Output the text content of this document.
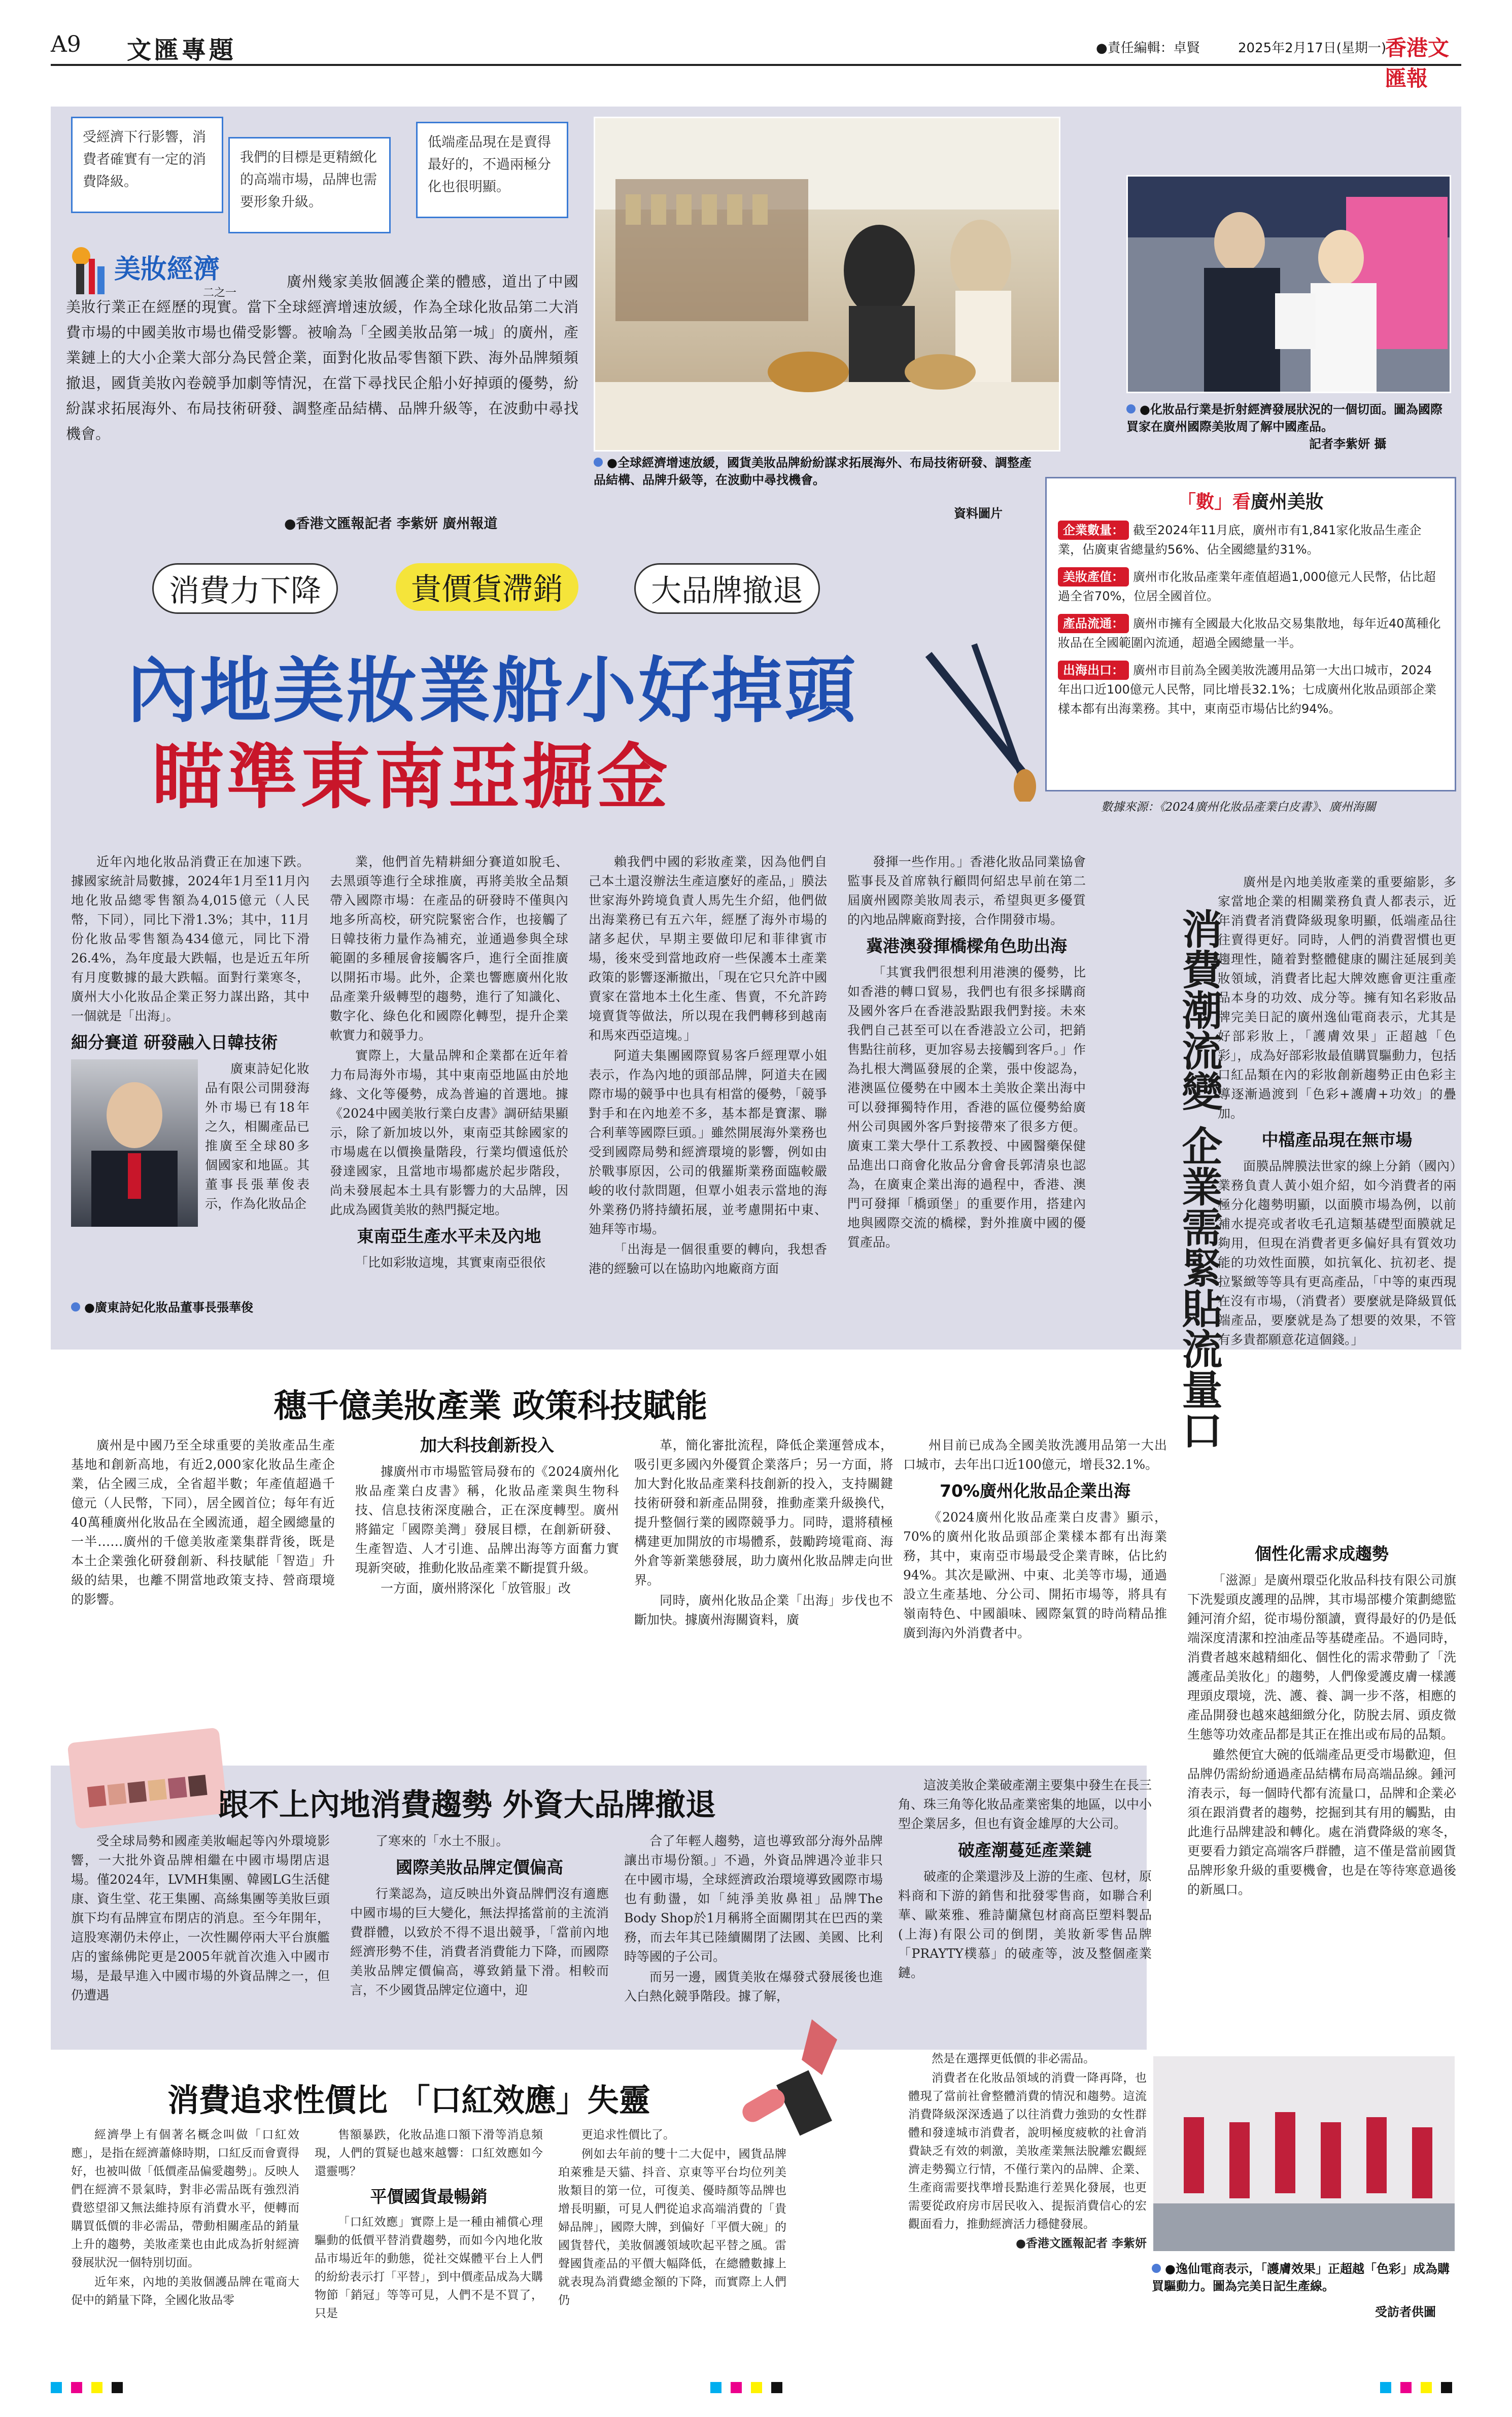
A9 文匯專題	●責任編輯：卓賢	2025年2月17日(星期一)
香港文匯報
受經濟下行影響，消費者確實有一定的消費降級。
我們的目標是更精緻化的高端市場，品牌也需要形象升級。
低端產品現在是賣得最好的，不過兩極分化也很明顯。
美妝經濟
二之一
廣州幾家美妝個護企業的體感，道出了中國美妝行業正在經歷的現實。當下全球經濟增速放緩，作為全球化妝品第二大消費市場的中國美妝市場也備受影響。被喻為「全國美妝品第一城」的廣州，產業鏈上的大小企業大部分為民營企業，面對化妝品零售額下跌、海外品牌頻頻撤退，國貨美妝內卷競爭加劇等情況，在當下尋找民企船小好掉頭的優勢，紛紛謀求拓展海外、布局技術研發、調整產品結構、品牌升級等，在波動中尋找機會。
●香港文匯報記者 李紫妍 廣州報道
●全球經濟增速放緩，國貨美妝品牌紛紛謀求拓展海外、布局技術研發、調整產品結構、品牌升級等，在波動中尋找機會。
資料圖片
●化妝品行業是折射經濟發展狀況的一個切面。圖為國際買家在廣州國際美妝周了解中國產品。
記者李紫妍 攝
「數」看廣州美妝
企業數量： 截至2024年11月底，廣州市有1,841家化妝品生產企業，佔廣東省總量約56%、佔全國總量約31%。
美妝產值： 廣州市化妝品產業年產值超過1,000億元人民幣，佔比超過全省70%，位居全國首位。
產品流通： 廣州市擁有全國最大化妝品交易集散地，每年近40萬種化妝品在全國範圍內流通，超過全國總量一半。
出海出口： 廣州市目前為全國美妝洗護用品第一大出口城市，2024年出口近100億元人民幣，同比增長32.1%；七成廣州化妝品頭部企業樣本都有出海業務。其中，東南亞市場佔比約94%。
數據來源：《2024廣州化妝品產業白皮書》、廣州海關
消費力下降	貴價貨滯銷	大品牌撤退
內地美妝業船小好掉頭
瞄準東南亞掘金

近年內地化妝品消費正在加速下跌。據國家統計局數據，2024年1月至11月內地化妝品總零售額為4,015億元（人民幣，下同），同比下滑1.3%；其中，11月份化妝品零售額為434億元，同比下滑26.4%，為年度最大跌幅，也是近五年所有月度數據的最大跌幅。面對行業寒冬，廣州大小化妝品企業正努力謀出路，其中一個就是「出海」。

細分賽道 研發融入日韓技術

廣東詩妃化妝品有限公司開發海外市場已有18年之久，相關產品已推廣至全球80多個國家和地區。其董事長張華俊表示，作為化妝品企

●廣東詩妃化妝品董事長張華俊

業，他們首先精耕細分賽道如脫毛、去黑頭等進行全球推廣，再將美妝全品類帶入國際市場：在產品的研發時不僅與內地多所高校，研究院緊密合作，也接觸了日韓技術力量作為補充，並通過參與全球範圍的多種展會接觸客戶，進行全面推廣以開拓市場。此外，企業也響應廣州化妝品產業升級轉型的趨勢，進行了知識化、數字化、綠色化和國際化轉型，提升企業軟實力和競爭力。

實際上，大量品牌和企業都在近年着力布局海外市場，其中東南亞地區由於地緣、文化等優勢，成為普遍的首選地。據《2024中國美妝行業白皮書》調研結果顯示，除了新加坡以外，東南亞其餘國家的市場處在以價換量階段，行業均價遠低於發達國家，且當地市場都處於起步階段，尚未發展起本土具有影響力的大品牌，因此成為國貨美妝的熱門擬定地。

東南亞生產水平未及內地

「比如彩妝這塊，其實東南亞很依

賴我們中國的彩妝產業，因為他們自己本土還沒辦法生產這麼好的產品，」膜法世家海外跨境負責人馬先生介紹，他們做出海業務已有五六年，經歷了海外市場的諸多起伏，早期主要做印尼和菲律賓市場，後來受到當地政府一些保護本土產業政策的影響逐漸撤出，「現在它只允許中國賣家在當地本土化生產、售賣，不允許跨境賣貨等做法，所以現在我們轉移到越南和馬來西亞這塊。」

阿道夫集團國際貿易客戶經理覃小姐表示，作為內地的頭部品牌，阿道夫在國際市場的競爭中也具有相當的優勢，「競爭對手和在內地差不多，基本都是寶潔、聯合利華等國際巨頭。」雖然開展海外業務也受到國際局勢和經濟環境的影響，例如由於戰事原因，公司的俄羅斯業務面臨較嚴峻的收付款問題，但覃小姐表示當地的海外業務仍將持續拓展，並考慮開拓中東、廸拜等市場。

「出海是一個很重要的轉向，我想香港的經驗可以在協助內地廠商方面

發揮一些作用。」香港化妝品同業協會監事長及首席執行顧問何紹忠早前在第二屆廣州國際美妝周表示，希望與更多優質的內地品牌廠商對接，合作開發市場。

冀港澳發揮橋樑角色助出海

「其實我們很想利用港澳的優勢，比如香港的轉口貿易，我們也有很多採購商及國外客戶在香港設點跟我們對接。未來我們自己甚至可以在香港設立公司，把銷售點往前移，更加容易去接觸到客戶。」作為扎根大灣區發展的企業，張中俊認為，港澳區位優勢在中國本土美妝企業出海中可以發揮獨特作用，香港的區位優勢給廣州公司與國外客戶對接帶來了很多方便。廣東工業大學什工系教授、中國醫藥保健品進出口商會化妝品分會會長郭清泉也認為，在廣東企業出海的過程中，香港、澳門可發揮「橋頭堡」的重要作用，搭建內地與國際交流的橋樑，對外推廣中國的優質產品。	消費潮流變 企業需緊貼流量口

廣州是內地美妝產業的重要縮影，多家當地企業的相關業務負責人都表示，近年消費者消費降級現象明顯，低端產品往往賣得更好。同時，人們的消費習慣也更趨理性，隨着對整體健康的關注延展到美妝領域，消費者比起大牌效應會更注重產品本身的功效、成分等。擁有知名彩妝品牌完美日記的廣州逸仙電商表示，尤其是好部彩妝上，「護膚效果」正超越「色彩」，成為好部彩妝最值購買驅動力，包括口紅品類在內的彩妝創新趨勢正由色彩主導逐漸過渡到「色彩+護膚+功效」的疊加。

中檔產品現在無市場

面膜品牌膜法世家的線上分銷（國內）業務負責人黃小姐介紹，如今消費者的兩極分化趨勢明顯，以面膜市場為例，以前補水提亮或者收毛孔這類基礎型面膜就足夠用，但現在消費者更多偏好具有質效功能的功效性面膜，如抗氧化、抗初老、提拉緊緻等等具有更高產品，「中等的東西現在沒有市場，（消費者）要麼就是降級買低端產品，要麼就是為了想要的效果，不管有多貴都願意花這個錢。」

個性化需求成趨勢

「滋源」是廣州環亞化妝品科技有限公司旗下洗髮頭皮護理的品牌，其市場部樓介策劃總監鍾河淯介紹，從市場份額讀，賣得最好的仍是低端深度清潔和控油產品等基礎產品。不過同時，消費者越來越精細化、個性化的需求帶動了「洗護產品美妝化」的趨勢，人們像愛護皮膚一樣護理頭皮環境，洗、護、養、調一步不落，相應的產品開發也越來越細緻分化，防脫去屑、頭皮微生態等功效產品都是其正在推出或布局的品類。

雖然便宜大碗的低端產品更受市場歡迎，但品牌仍需紛紛通過產品結構布局高端品線。鍾河淯表示，每一個時代都有流量口，品牌和企業必須在跟消費者的趨勢，挖掘到其有用的觸點，由此進行品牌建設和轉化。處在消費降級的寒冬，更要看力鎖定高端客戶群體，這不僅是當前國貨品牌形象升級的重要機會，也是在等待寒意過後的新風口。

穗千億美妝產業 政策科技賦能

廣州是中國乃至全球重要的美妝產品生產基地和創新高地，有近2,000家化妝品生產企業，佔全國三成，全省超半數；年產值超過千億元（人民幣，下同），居全國首位；每年有近40萬種廣州化妝品在全國流通，超全國總量的一半……廣州的千億美妝產業集群背後，既是本土企業強化研發創新、科技賦能「智造」升級的結果，也離不開當地政策支持、營商環境的影響。

加大科技創新投入

據廣州市市場監管局發布的《2024廣州化妝品產業白皮書》稱，化妝品產業與生物科技、信息技術深度融合，正在深度轉型。廣州將錨定「國際美灣」發展目標，在創新研發、生產智造、人才引進、品牌出海等方面奮力實現新突破，推動化妝品產業不斷提質升級。

一方面，廣州將深化「放管服」改

革，簡化審批流程，降低企業運營成本，吸引更多國內外優質企業落戶；另一方面，將加大對化妝品產業科技創新的投入，支持關鍵技術研發和新產品開發，推動產業升級換代，提升整個行業的國際競爭力。同時，還將積極構建更加開放的市場體系，鼓勵跨境電商、海外倉等新業態發展，助力廣州化妝品牌走向世界。

同時，廣州化妝品企業「出海」步伐也不斷加快。據廣州海關資料，廣

州目前已成為全國美妝洗護用品第一大出口城市，去年出口近100億元，增長32.1%。

70%廣州化妝品企業出海

《2024廣州化妝品產業白皮書》顯示，70%的廣州化妝品頭部企業樣本都有出海業務，其中，東南亞市場最受企業青睞，佔比約94%。其次是歐洲、中東、北美等市場，通過設立生產基地、分公司、開拓市場等，將具有嶺南特色、中國韻味、國際氣質的時尚精品推廣到海內外消費者中。

跟不上內地消費趨勢 外資大品牌撤退

受全球局勢和國產美妝崛起等內外環境影響，一大批外資品牌相繼在中國市場閉店退場。僅2024年，LVMH集團、韓國LG生活健康、資生堂、花王集團、高絲集團等美妝巨頭旗下均有品牌宣布閉店的消息。至今年開年，這股寒潮仍未停止，一次性關停兩大平台旗艦店的蜜絲佛陀更是2005年就首次進入中國市場，是最早進入中國市場的外資品牌之一，但仍遭遇

了寒來的「水土不服」。

國際美妝品牌定價偏高

行業認為，這反映出外資品牌們沒有適應中國市場的巨大變化，無法捍搖當前的主流消費群體，以致於不得不退出競爭，「當前內地經濟形勢不佳，消費者消費能力下降，而國際美妝品牌定價偏高，導致銷量下滑。相較而言，不少國貨品牌定位適中，迎

合了年輕人趨勢，這也導致部分海外品牌讓出市場份額。」不過，外資品牌遇冷並非只在中國市場，全球經濟政治環境導致國際市場也有動盪，如「純淨美妝鼻祖」品牌The Body Shop於1月稱將全面關閉其在巴西的業務，而去年其已陸續關閉了法國、美國、比利時等國的子公司。

而另一邊，國貨美妝在爆發式發展後也進入白熱化競爭階段。據了解，

這波美妝企業破產潮主要集中發生在長三角、珠三角等化妝品產業密集的地區，以中小型企業居多，但也有資金雄厚的大公司。

破產潮蔓延產業鏈

破產的企業還涉及上游的生產、包材，原料商和下游的銷售和批發零售商，如聯合利華、歐萊雅、雅詩蘭黛包材商高臣塑料製品(上海)有限公司的倒閉，美妝新零售品牌「PRAYTY樸慕」的破產等，波及整個產業鏈。

消費追求性價比 「口紅效應」失靈

經濟學上有個著名概念叫做「口紅效應」，是指在經濟蕭條時期，口紅反而會賣得好，也被叫做「低價產品偏愛趨勢」。反映人們在經濟不景氣時，對非必需品既有強烈消費慾望卻又無法維持原有消費水平，便轉而購買低價的非必需品，帶動相關產品的銷量上升的趨勢，美妝產業也由此成為折射經濟發展狀況一個特別切面。

近年來，內地的美妝個護品牌在電商大促中的銷量下降，全國化妝品零

售額暴跌，化妝品進口額下滑等消息頻現，人們的質疑也越來越響：口紅效應如今還靈嗎？

平價國貨最暢銷

「口紅效應」實際上是一種由補償心理驅動的低價平替消費趨勢，而如今內地化妝品市場近年的動態，從社交媒體平台上人們的紛紛表示打「平替」，到中價產品成為大購物節「銷冠」等等可見，人們不是不買了，只是

更追求性價比了。

例如去年前的雙十二大促中，國貨品牌珀萊雅是天貓、抖音、京東等平台均位列美妝類目的第一位，可復美、優時顏等品牌也增長明顯，可見人們從追求高端消費的「貴婦品牌」，國際大牌，到偏好「平價大碗」的國貨替代，美妝個護領域吹起平替之風。雷聲國貨產品的平價大幅降低，在總體數據上就表現為消費總金額的下降，而實際上人們仍

然是在選擇更低價的非必需品。

消費者在化妝品領域的消費一降再降，也體現了當前社會整體消費的情況和趨勢。這流消費降級深深透過了以往消費力強勁的女性群體和發達城市消費者，說明極度疲軟的社會消費缺乏有效的刺激，美妝產業無法脫離宏觀經濟走勢獨立行情，不僅行業內的品牌、企業、生產商需要找準增長點進行差異化發展，也更需要從政府房市居民收入、提振消費信心的宏觀面看力，推動經濟活力穩健發展。

●香港文匯報記者 李紫妍
●逸仙電商表示，「護膚效果」正超越「色彩」成為購買驅動力。圖為完美日記生產線。
受訪者供圖
